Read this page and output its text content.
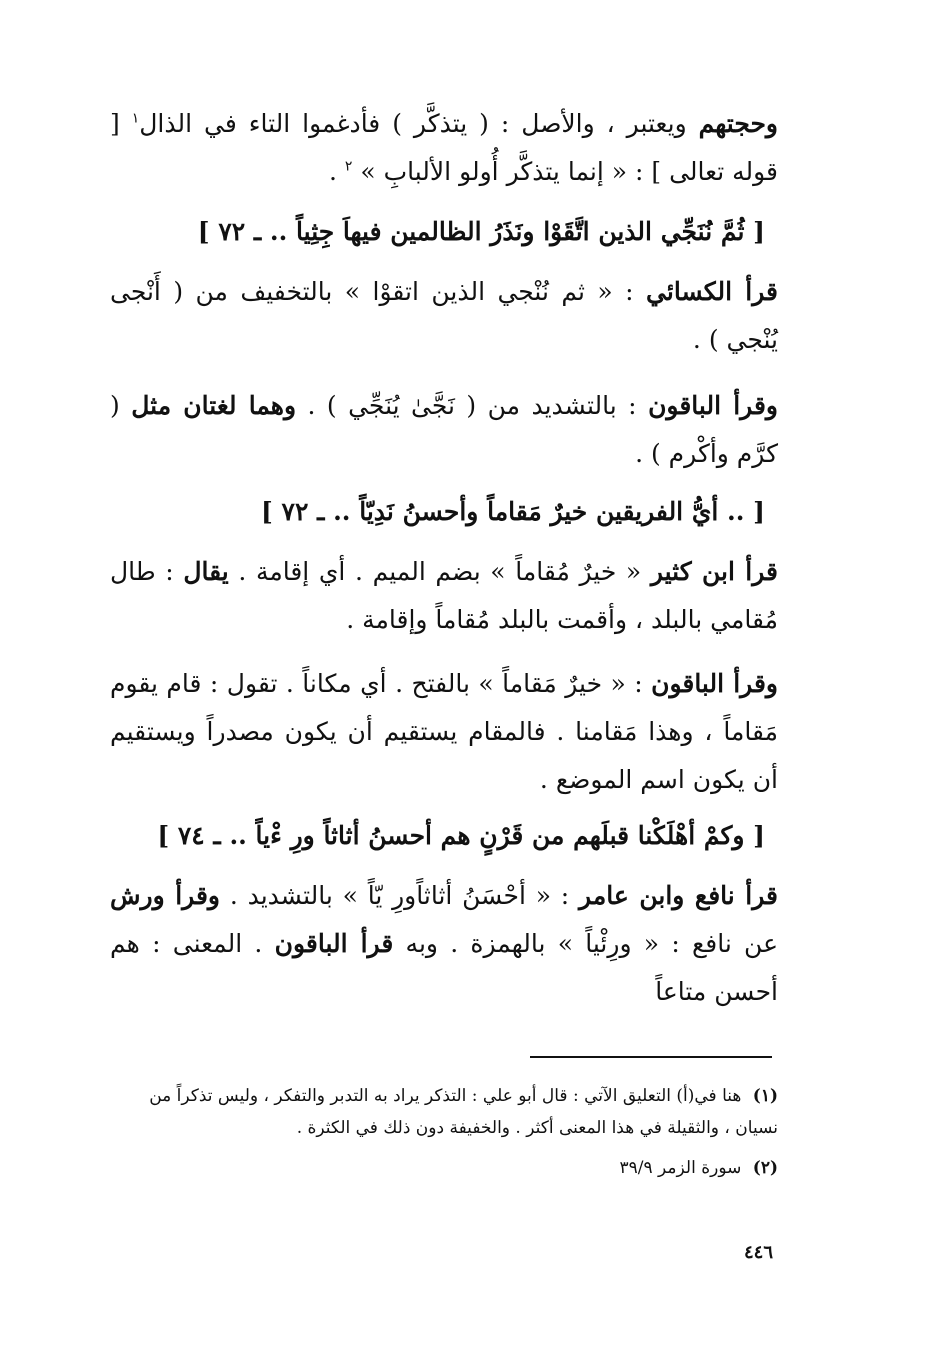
وحجتهم ويعتبر ، والأصل : ( يتذكَّر ) فأدغموا التاء في الذال$^١$ [ قوله تعالى ] : « إنما يتذكَّر أُولو الألبابِ » $^٢$ .

[ ثُمَّ نُنَجِّي الذين اتَّقَوْا ونَذَرُ الظالمين فيهاَ جِثِياً .. ـ ٧٢ ]

قرأ الكسائي : « ثم نُنْجي الذين اتقوْا » بالتخفيف من ( أَنْجى يُنْجي ) .

وقرأ الباقون : بالتشديد من ( نَجَّىٰ يُنَجِّي ) . وهما لغتان مثل ( كرَّم وأكْرم ) .

[ .. أيُّ الفريقين خيرٌ مَقاماً وأحسنُ نَدِيّاً .. ـ ٧٢ ]

قرأ ابن كثير « خيرٌ مُقاماً » بضم الميم . أي إقامة . يقال : طال مُقامي بالبلد ، وأقمت بالبلد مُقاماً وإقامة .

وقرأ الباقون : « خيرٌ مَقاماً » بالفتح . أي مكاناً . تقول : قام يقوم مَقاماً ، وهذا مَقامنا . فالمقام يستقيم أن يكون مصدراً ويستقيم أن يكون اسم الموضع .

[ وكمْ أهْلَكْنا قبلَهم من قَرْنٍ هم أحسنُ أثاثاً ورِ ءْياً .. ـ ٧٤ ]

قرأ نافع وابن عامر : « أحْسَنُ أثاثاًورِ يّاً » بالتشديد . وقرأ ورش عن نافع : « ورِئْياً » بالهمزة . وبه قرأ الباقون . المعنى : هم أحسن متاعاً

(١) هنا في(أ) التعليق الآتي : قال أبو علي : التذكر يراد به التدبر والتفكر ، وليس تذكراً من نسيان ، والثقيلة في هذا المعنى أكثر . والخفيفة دون ذلك في الكثرة .

(٢) سورة الزمر ٣٩/٩

٤٤٦
